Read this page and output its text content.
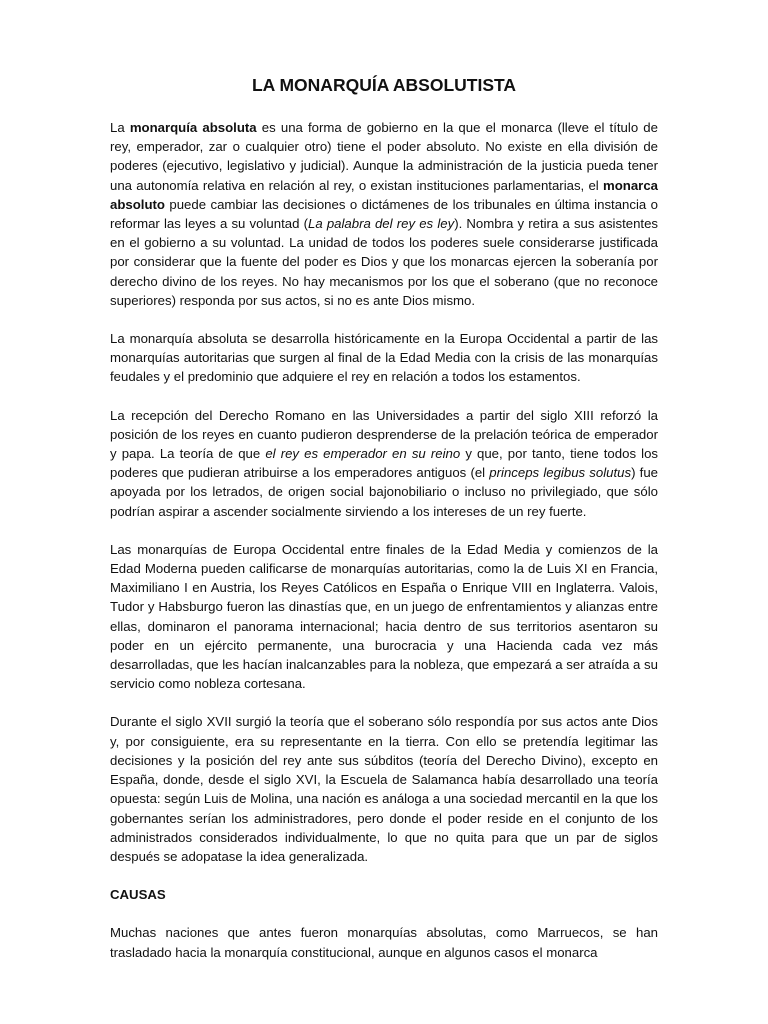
LA MONARQUÍA ABSOLUTISTA

La monarquía absoluta es una forma de gobierno en la que el monarca (lleve el título de rey, emperador, zar o cualquier otro) tiene el poder absoluto. No existe en ella división de poderes (ejecutivo, legislativo y judicial). Aunque la administración de la justicia pueda tener una autonomía relativa en relación al rey, o existan instituciones parlamentarias, el monarca absoluto puede cambiar las decisiones o dictámenes de los tribunales en última instancia o reformar las leyes a su voluntad (La palabra del rey es ley). Nombra y retira a sus asistentes en el gobierno a su voluntad. La unidad de todos los poderes suele considerarse justificada por considerar que la fuente del poder es Dios y que los monarcas ejercen la soberanía por derecho divino de los reyes. No hay mecanismos por los que el soberano (que no reconoce superiores) responda por sus actos, si no es ante Dios mismo.

La monarquía absoluta se desarrolla históricamente en la Europa Occidental a partir de las monarquías autoritarias que surgen al final de la Edad Media con la crisis de las monarquías feudales y el predominio que adquiere el rey en relación a todos los estamentos.

La recepción del Derecho Romano en las Universidades a partir del siglo XIII reforzó la posición de los reyes en cuanto pudieron desprenderse de la prelación teórica de emperador y papa. La teoría de que el rey es emperador en su reino y que, por tanto, tiene todos los poderes que pudieran atribuirse a los emperadores antiguos (el princeps legibus solutus) fue apoyada por los letrados, de origen social bajonobiliario o incluso no privilegiado, que sólo podrían aspirar a ascender socialmente sirviendo a los intereses de un rey fuerte.

Las monarquías de Europa Occidental entre finales de la Edad Media y comienzos de la Edad Moderna pueden calificarse de monarquías autoritarias, como la de Luis XI en Francia, Maximiliano I en Austria, los Reyes Católicos en España o Enrique VIII en Inglaterra. Valois, Tudor y Habsburgo fueron las dinastías que, en un juego de enfrentamientos y alianzas entre ellas, dominaron el panorama internacional; hacia dentro de sus territorios asentaron su poder en un ejército permanente, una burocracia y una Hacienda cada vez más desarrolladas, que les hacían inalcanzables para la nobleza, que empezará a ser atraída a su servicio como nobleza cortesana.

Durante el siglo XVII surgió la teoría que el soberano sólo respondía por sus actos ante Dios y, por consiguiente, era su representante en la tierra. Con ello se pretendía legitimar las decisiones y la posición del rey ante sus súbditos (teoría del Derecho Divino), excepto en España, donde, desde el siglo XVI, la Escuela de Salamanca había desarrollado una teoría opuesta: según Luis de Molina, una nación es análoga a una sociedad mercantil en la que los gobernantes serían los administradores, pero donde el poder reside en el conjunto de los administrados considerados individualmente, lo que no quita para que un par de siglos después se adopatase la idea generalizada.

CAUSAS

Muchas naciones que antes fueron monarquías absolutas, como Marruecos, se han trasladado hacia la monarquía constitucional, aunque en algunos casos el monarca
